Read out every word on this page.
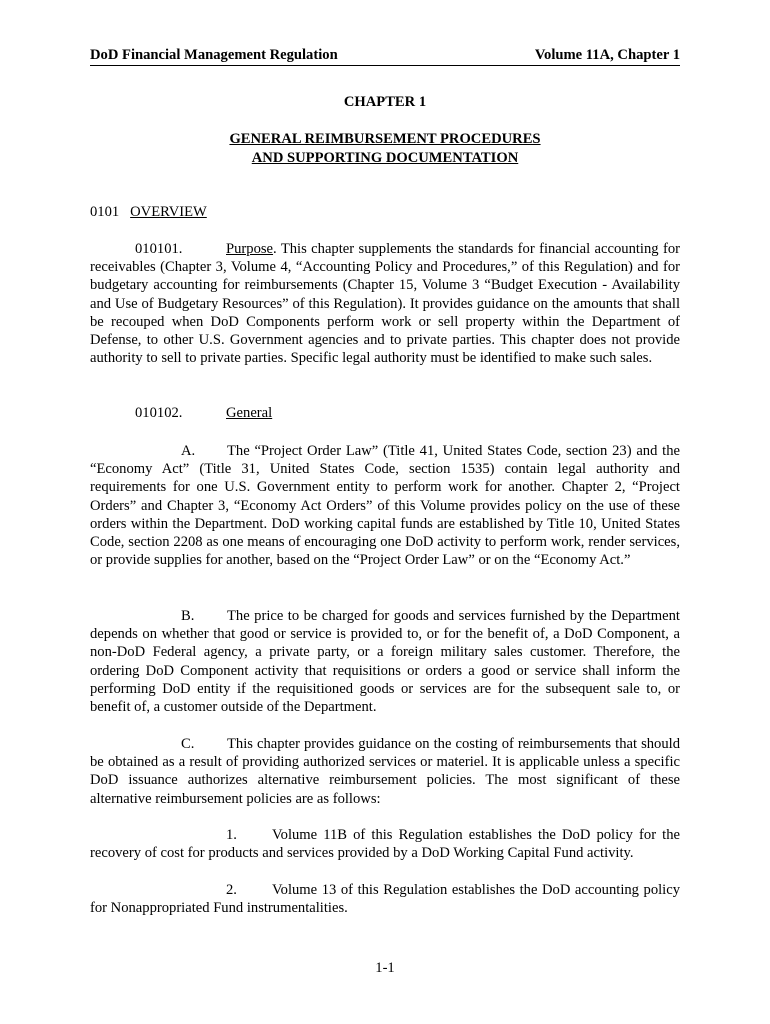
DoD Financial Management Regulation	Volume 11A, Chapter 1
CHAPTER 1
GENERAL REIMBURSEMENT PROCEDURES
AND SUPPORTING DOCUMENTATION
0101 OVERVIEW
010101.	Purpose. This chapter supplements the standards for financial accounting for receivables (Chapter 3, Volume 4, “Accounting Policy and Procedures,” of this Regulation) and for budgetary accounting for reimbursements (Chapter 15, Volume 3 “Budget Execution - Availability and Use of Budgetary Resources” of this Regulation). It provides guidance on the amounts that shall be recouped when DoD Components perform work or sell property within the Department of Defense, to other U.S. Government agencies and to private parties. This chapter does not provide authority to sell to private parties. Specific legal authority must be identified to make such sales.
010102.	General
A. The “Project Order Law” (Title 41, United States Code, section 23) and the “Economy Act” (Title 31, United States Code, section 1535) contain legal authority and requirements for one U.S. Government entity to perform work for another. Chapter 2, “Project Orders” and Chapter 3, “Economy Act Orders” of this Volume provides policy on the use of these orders within the Department. DoD working capital funds are established by Title 10, United States Code, section 2208 as one means of encouraging one DoD activity to perform work, render services, or provide supplies for another, based on the “Project Order Law” or on the “Economy Act.”
B. The price to be charged for goods and services furnished by the Department depends on whether that good or service is provided to, or for the benefit of, a DoD Component, a non-DoD Federal agency, a private party, or a foreign military sales customer. Therefore, the ordering DoD Component activity that requisitions or orders a good or service shall inform the performing DoD entity if the requisitioned goods or services are for the subsequent sale to, or benefit of, a customer outside of the Department.
C. This chapter provides guidance on the costing of reimbursements that should be obtained as a result of providing authorized services or materiel. It is applicable unless a specific DoD issuance authorizes alternative reimbursement policies. The most significant of these alternative reimbursement policies are as follows:
1. Volume 11B of this Regulation establishes the DoD policy for the recovery of cost for products and services provided by a DoD Working Capital Fund activity.
2. Volume 13 of this Regulation establishes the DoD accounting policy for Nonappropriated Fund instrumentalities.
1-1
